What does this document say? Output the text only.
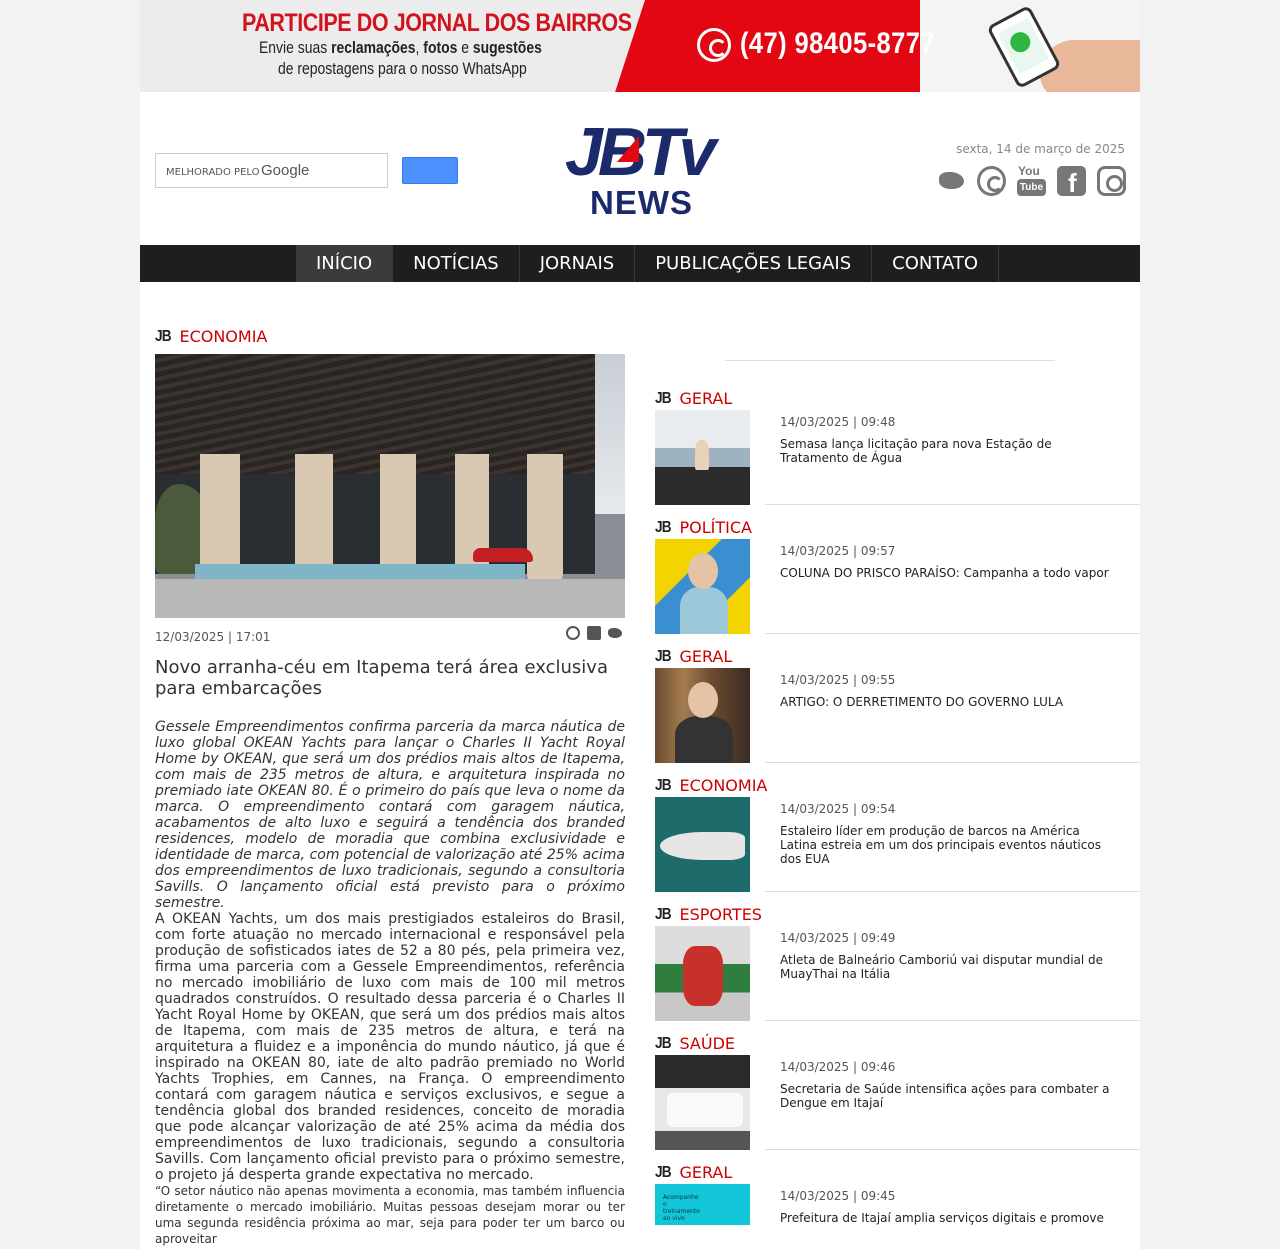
PARTICIPE DO JORNAL DOS BAIRROS
Envie suas reclamações, fotos e sugestões
de repostagens para o nosso WhatsApp
(47) 98405-8777
MELHORADO PELO Google	JBTv
NEWS
sexta, 14 de março de 2025
You Tube
f
INÍCIO	NOTÍCIAS	JORNAIS	PUBLICAÇÕES LEGAIS	CONTATO
JB ECONOMIA
12/03/2025 | 17:01
Novo arranha-céu em Itapema terá área exclusiva para embarcações
Gessele Empreendimentos confirma parceria da marca náutica de luxo global OKEAN Yachts para lançar o Charles II Yacht Royal Home by OKEAN, que será um dos prédios mais altos de Itapema, com mais de 235 metros de altura, e arquitetura inspirada no premiado iate OKEAN 80. É o primeiro do país que leva o nome da marca. O empreendimento contará com garagem náutica, acabamentos de alto luxo e seguirá a tendência dos branded residences, modelo de moradia que combina exclusividade e identidade de marca, com potencial de valorização até 25% acima dos empreendimentos de luxo tradicionais, segundo a consultoria Savills. O lançamento oficial está previsto para o próximo semestre.
A OKEAN Yachts, um dos mais prestigiados estaleiros do Brasil, com forte atuação no mercado internacional e responsável pela produção de sofisticados iates de 52 a 80 pés, pela primeira vez, firma uma parceria com a Gessele Empreendimentos, referência no mercado imobiliário de luxo com mais de 100 mil metros quadrados construídos. O resultado dessa parceria é o Charles II Yacht Royal Home by OKEAN, que será um dos prédios mais altos de Itapema, com mais de 235 metros de altura, e terá na arquitetura a fluidez e a imponência do mundo náutico, já que é inspirado na OKEAN 80, iate de alto padrão premiado no World Yachts Trophies, em Cannes, na França. O empreendimento contará com garagem náutica e serviços exclusivos, e segue a tendência global dos branded residences, conceito de moradia que pode alcançar valorização de até 25% acima da média dos empreendimentos de luxo tradicionais, segundo a consultoria Savills. Com lançamento oficial previsto para o próximo semestre, o projeto já desperta grande expectativa no mercado.
“O setor náutico não apenas movimenta a economia, mas também influencia diretamente o mercado imobiliário. Muitas pessoas desejam morar ou ter uma segunda residência próxima ao mar, seja para poder ter um barco ou aproveitar
JB GERAL
14/03/2025 | 09:48
Semasa lança licitação para nova Estação de Tratamento de Água
JB POLÍTICA
14/03/2025 | 09:57
COLUNA DO PRISCO PARAÍSO: Campanha a todo vapor
JB GERAL
14/03/2025 | 09:55
ARTIGO: O DERRETIMENTO DO GOVERNO LULA
JB ECONOMIA
14/03/2025 | 09:54
Estaleiro líder em produção de barcos na América Latina estreia em um dos principais eventos náuticos dos EUA
JB ESPORTES
14/03/2025 | 09:49
Atleta de Balneário Camboriú vai disputar mundial de MuayThai na Itália
JB SAÚDE
14/03/2025 | 09:46
Secretaria de Saúde intensifica ações para combater a Dengue em Itajaí
JB GERAL
Acompanhe o treinamento ao vivo
14/03/2025 | 09:45
Prefeitura de Itajaí amplia serviços digitais e promove
